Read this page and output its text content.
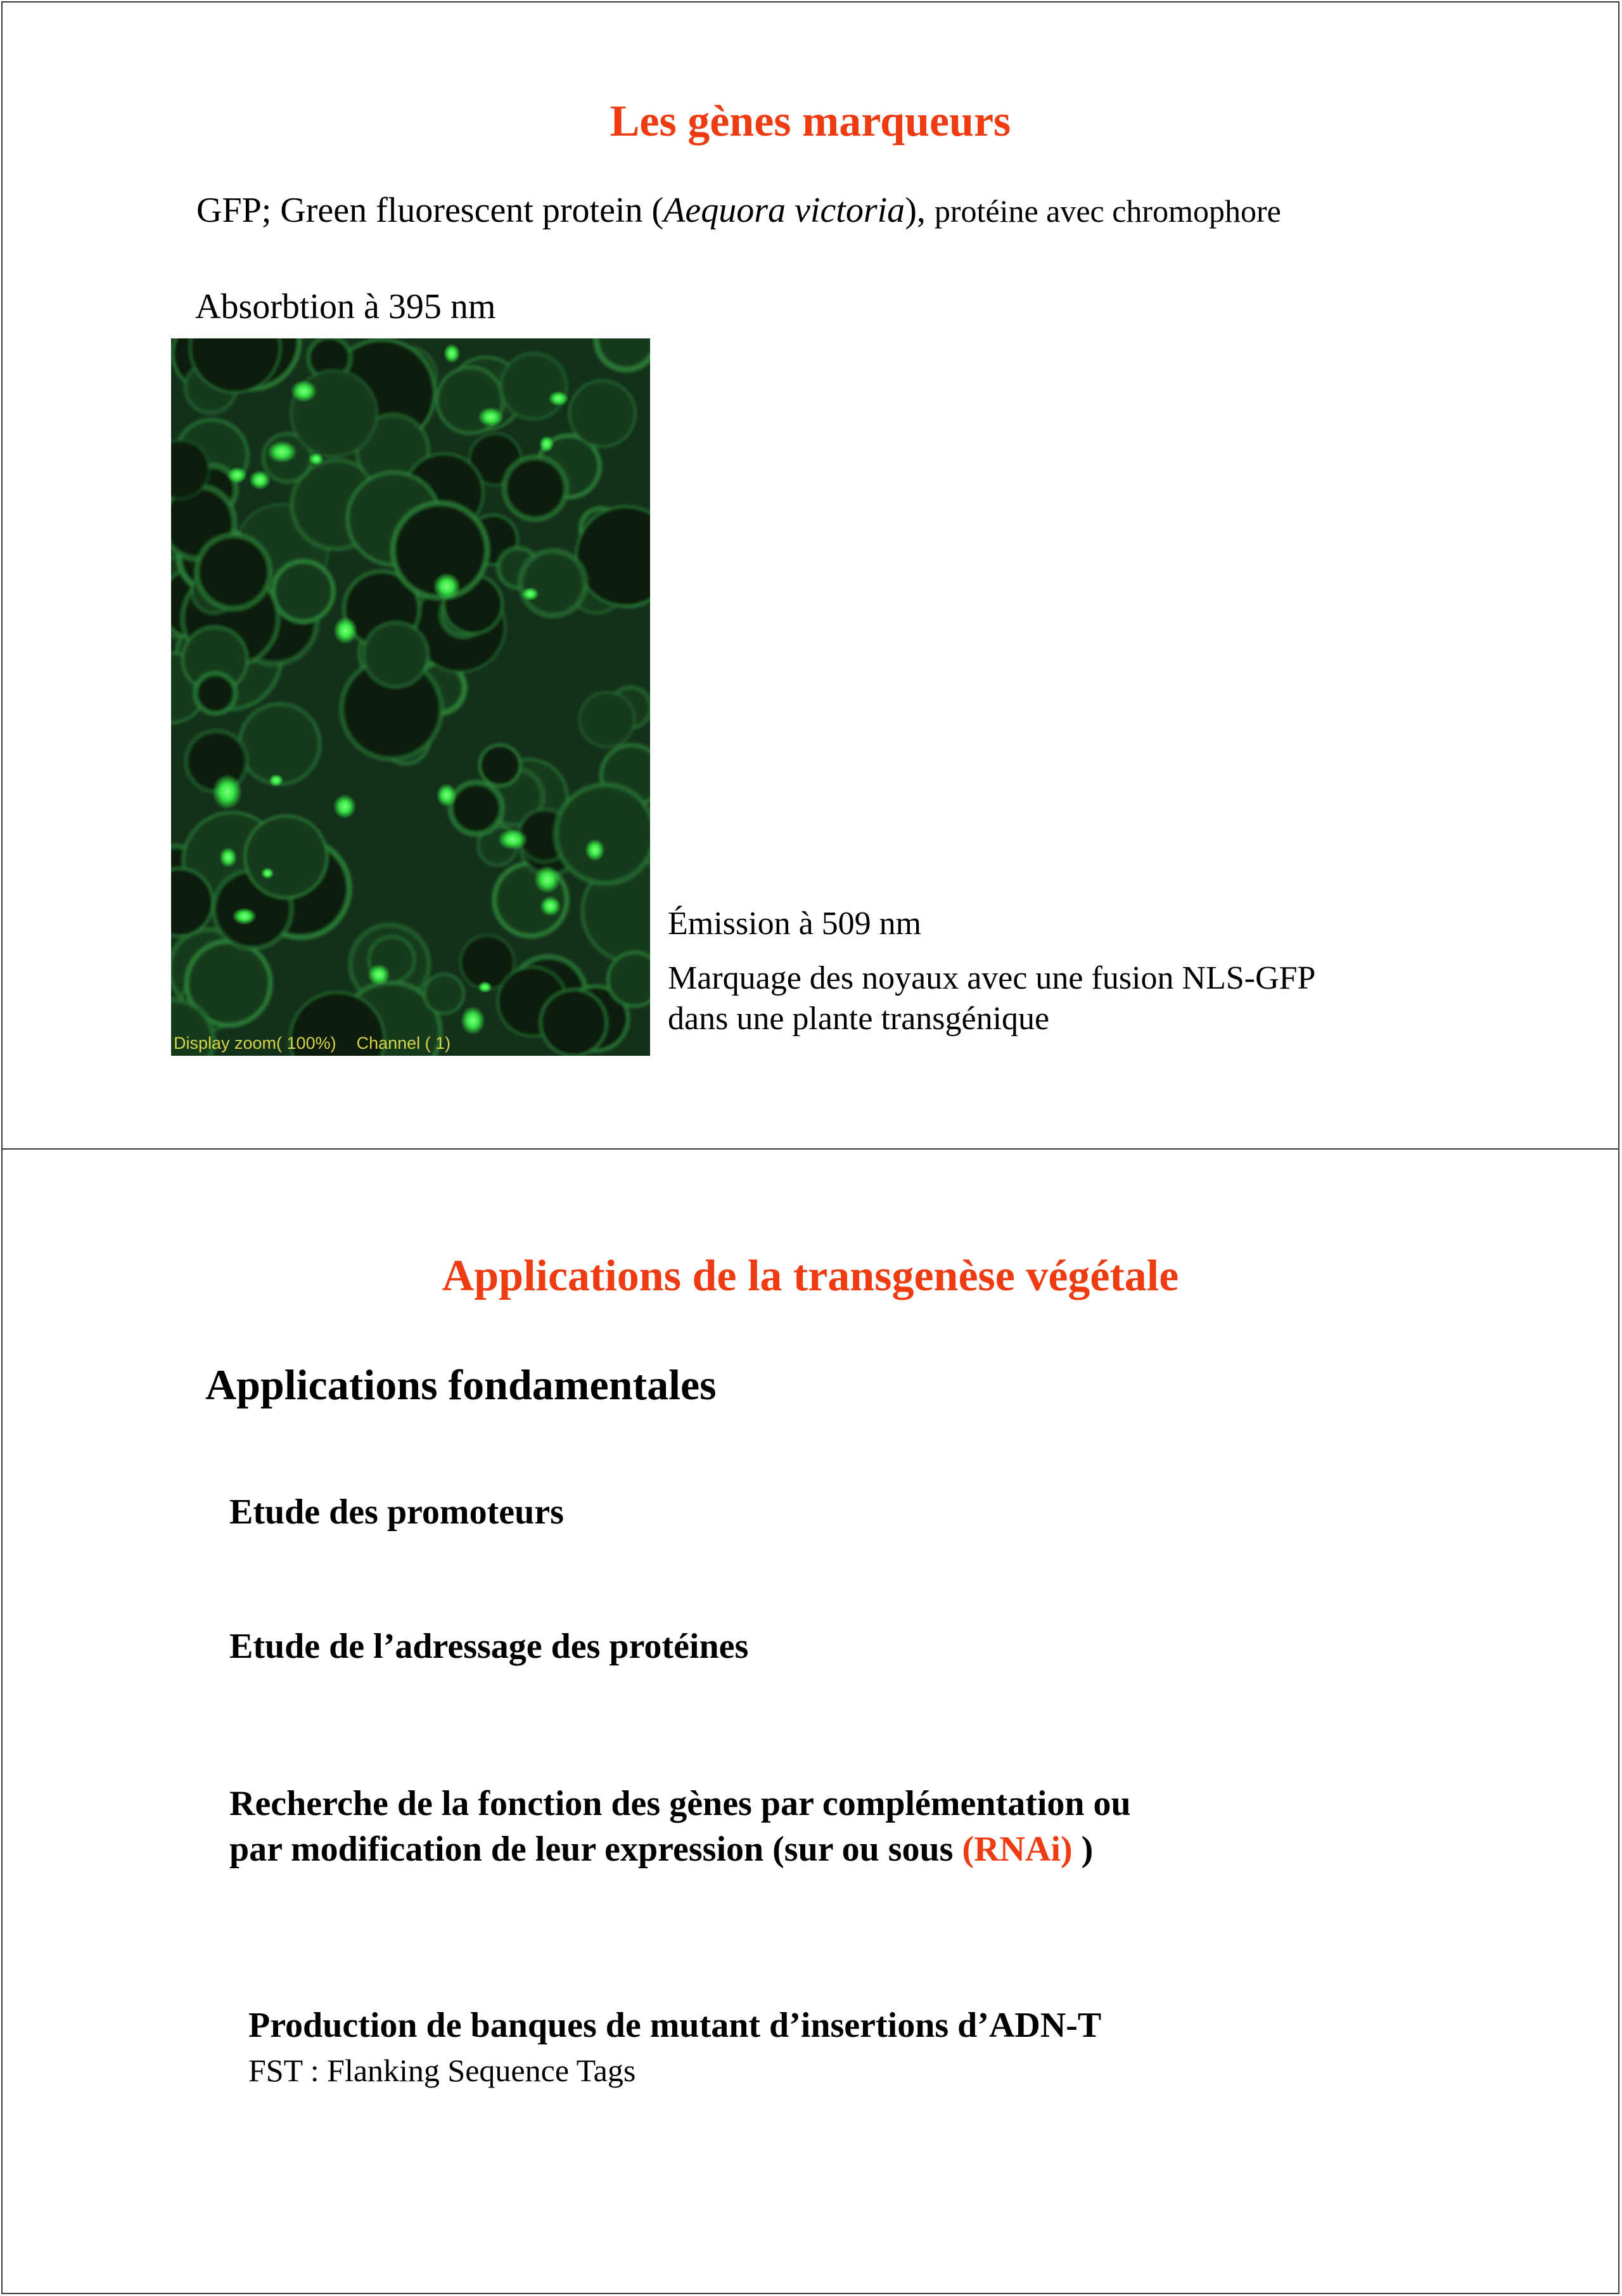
Les gènes marqueurs
GFP; Green fluorescent protein (Aequora victoria), protéine avec chromophore
Absorbtion à 395 nm
Display zoom( 100%) Channel ( 1)
Émission à 509 nm
Marquage des noyaux avec une fusion NLS-GFP
dans une plante transgénique
Applications de la transgenèse végétale
Applications fondamentales
Etude des promoteurs
Etude de l’adressage des protéines
Recherche de la fonction des gènes par complémentation ou
par modification de leur expression (sur ou sous (RNAi) )
Production de banques de mutant d’insertions d’ADN-T
FST : Flanking Sequence Tags
